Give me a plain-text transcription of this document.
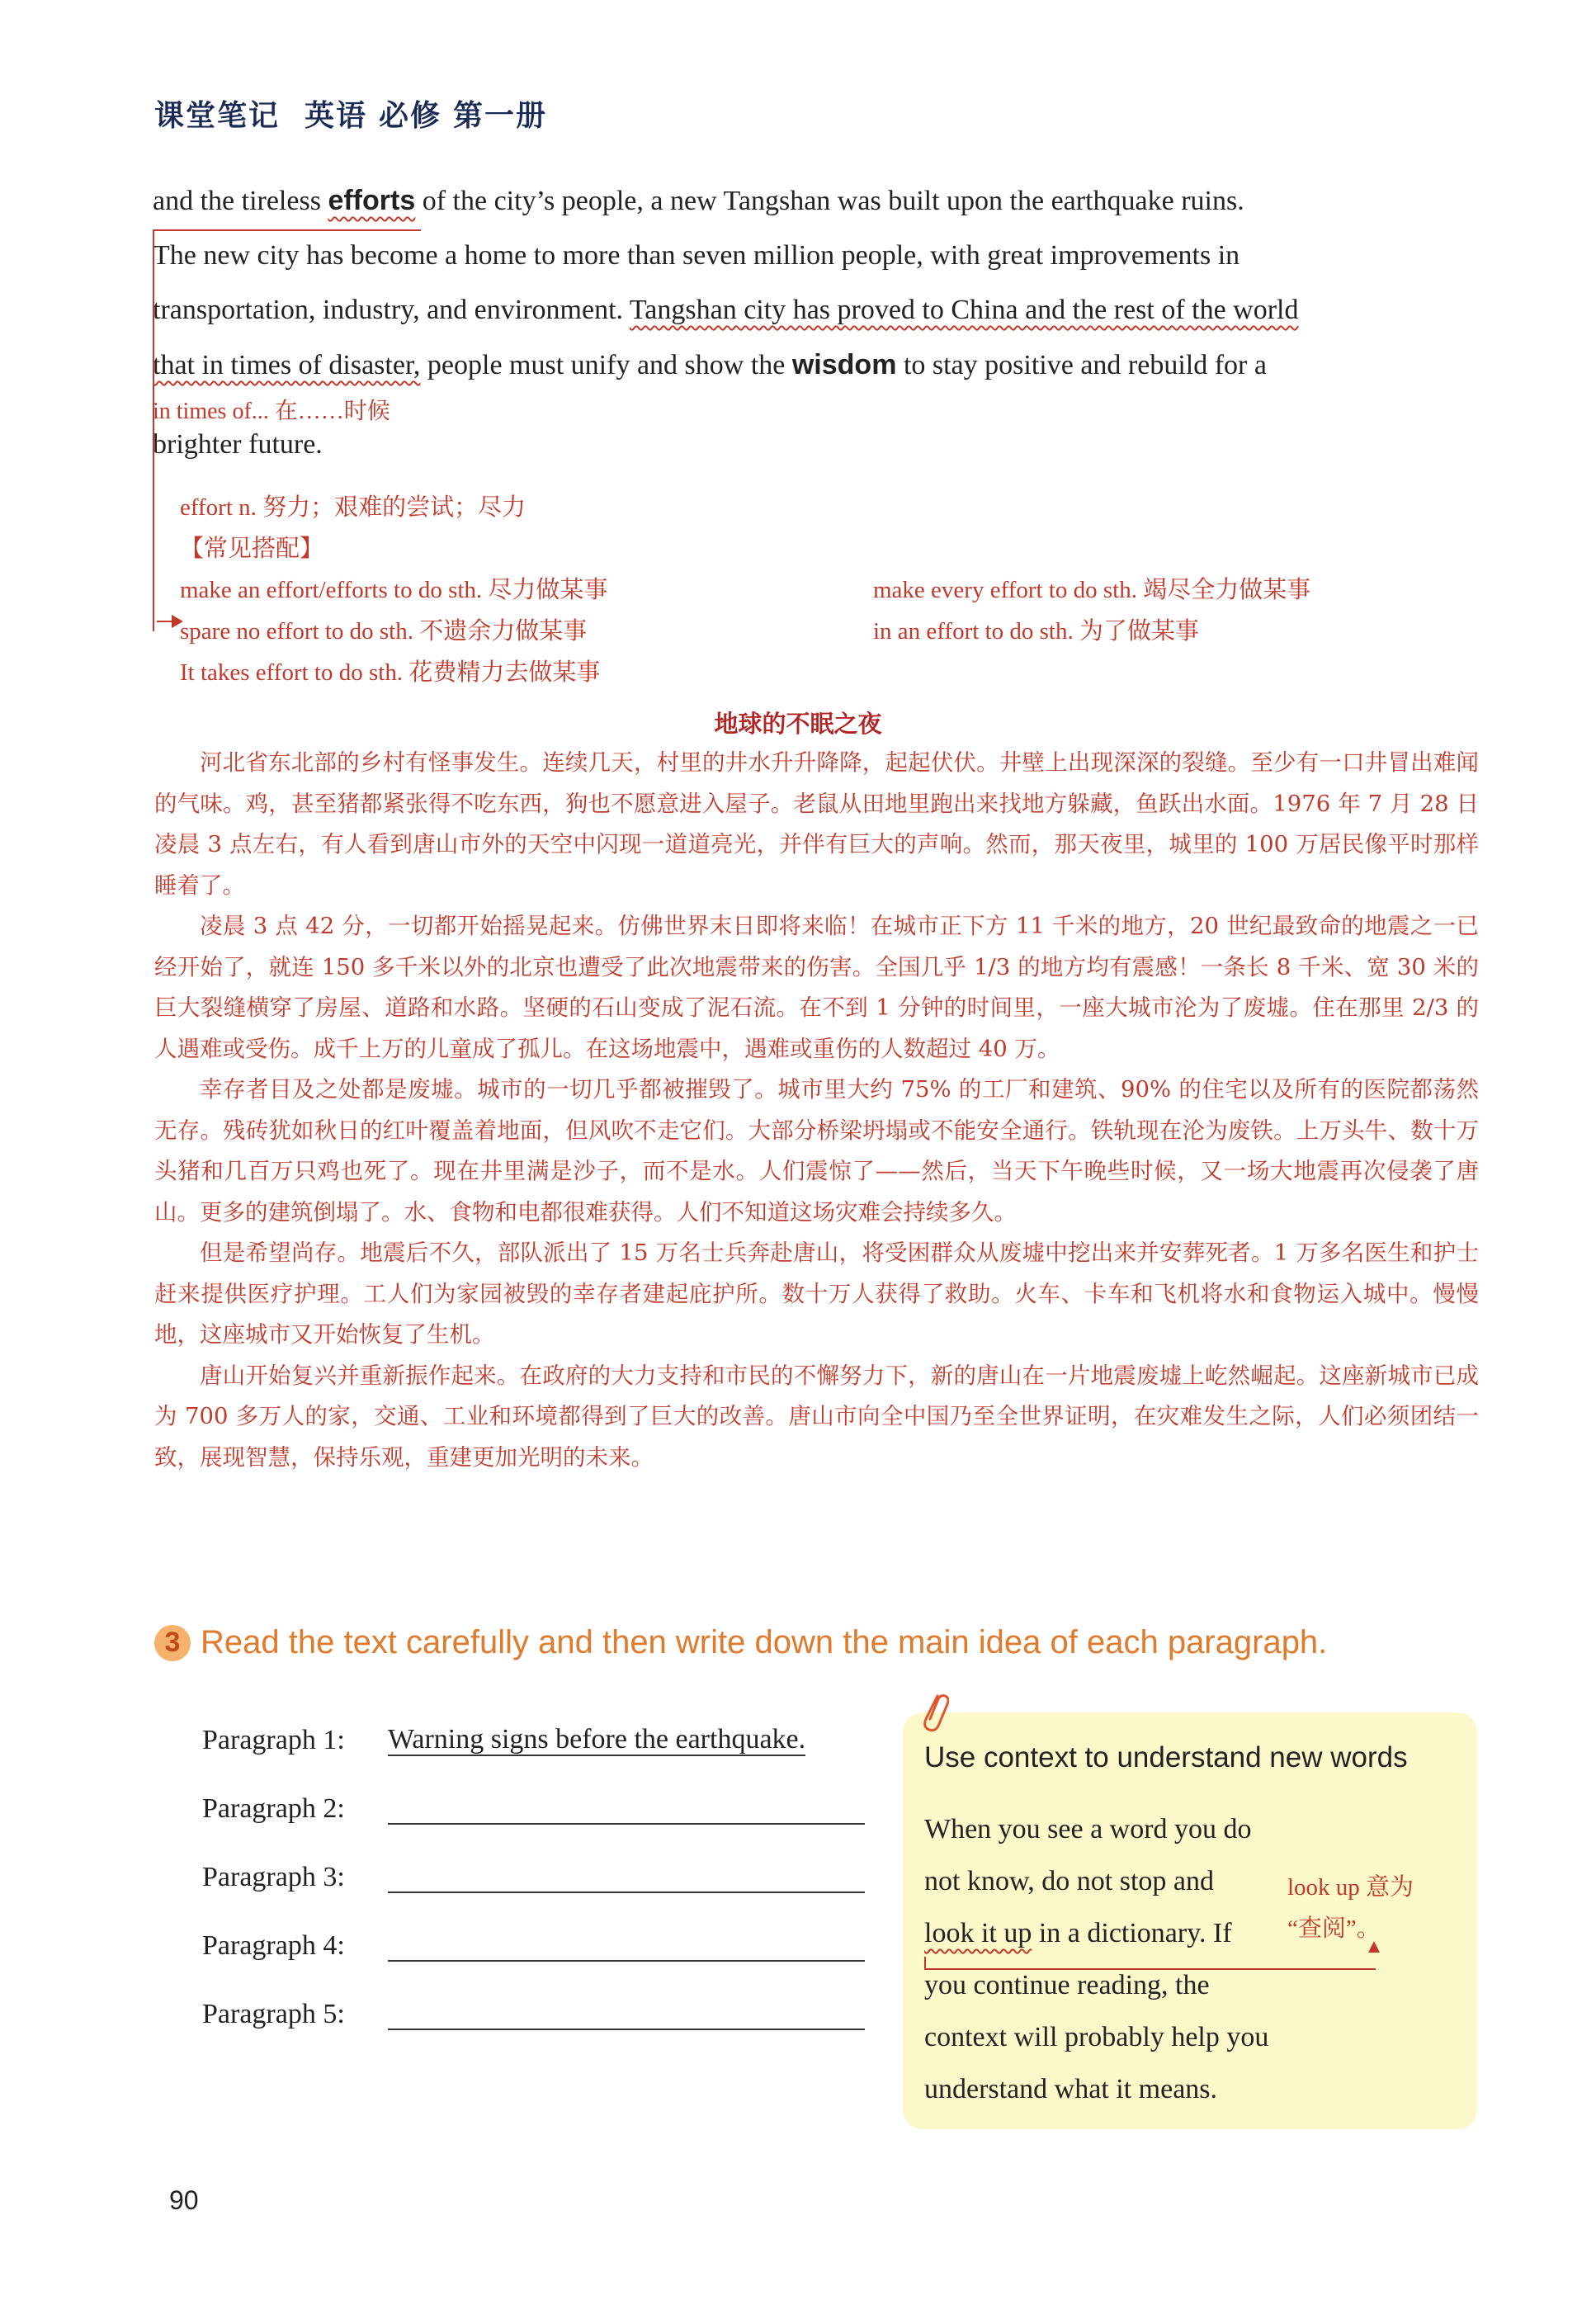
课堂笔记 英语 必修 第一册
and the tireless efforts of the city’s people, a new Tangshan was built upon the earthquake ruins.
The new city has become a home to more than seven million people, with great improvements in
transportation, industry, and environment. Tangshan city has proved to China and the rest of the world
that in times of disaster, people must unify and show the wisdom to stay positive and rebuild for a
in times of... 在……时候
brighter future.
effort n. 努力；艰难的尝试；尽力
【常见搭配】
make an effort/efforts to do sth. 尽力做某事	make every effort to do sth. 竭尽全力做某事
spare no effort to do sth. 不遗余力做某事	in an effort to do sth. 为了做某事
It takes effort to do sth. 花费精力去做某事
地球的不眠之夜

河北省东北部的乡村有怪事发生。连续几天，村里的井水升升降降，起起伏伏。井壁上出现深深的裂缝。至少有一口井冒出难闻的气味。鸡，甚至猪都紧张得不吃东西，狗也不愿意进入屋子。老鼠从田地里跑出来找地方躲藏，鱼跃出水面。1976 年 7 月 28 日凌晨 3 点左右，有人看到唐山市外的天空中闪现一道道亮光，并伴有巨大的声响。然而，那天夜里，城里的 100 万居民像平时那样睡着了。

凌晨 3 点 42 分，一切都开始摇晃起来。仿佛世界末日即将来临！在城市正下方 11 千米的地方，20 世纪最致命的地震之一已经开始了，就连 150 多千米以外的北京也遭受了此次地震带来的伤害。全国几乎 1/3 的地方均有震感！一条长 8 千米、宽 30 米的巨大裂缝横穿了房屋、道路和水路。坚硬的石山变成了泥石流。在不到 1 分钟的时间里，一座大城市沦为了废墟。住在那里 2/3 的人遇难或受伤。成千上万的儿童成了孤儿。在这场地震中，遇难或重伤的人数超过 40 万。

幸存者目及之处都是废墟。城市的一切几乎都被摧毁了。城市里大约 75% 的工厂和建筑、90% 的住宅以及所有的医院都荡然无存。残砖犹如秋日的红叶覆盖着地面，但风吹不走它们。大部分桥梁坍塌或不能安全通行。铁轨现在沦为废铁。上万头牛、数十万头猪和几百万只鸡也死了。现在井里满是沙子，而不是水。人们震惊了——然后，当天下午晚些时候，又一场大地震再次侵袭了唐山。更多的建筑倒塌了。水、食物和电都很难获得。人们不知道这场灾难会持续多久。

但是希望尚存。地震后不久，部队派出了 15 万名士兵奔赴唐山，将受困群众从废墟中挖出来并安葬死者。1 万多名医生和护士赶来提供医疗护理。工人们为家园被毁的幸存者建起庇护所。数十万人获得了救助。火车、卡车和飞机将水和食物运入城中。慢慢地，这座城市又开始恢复了生机。

唐山开始复兴并重新振作起来。在政府的大力支持和市民的不懈努力下，新的唐山在一片地震废墟上屹然崛起。这座新城市已成为 700 多万人的家，交通、工业和环境都得到了巨大的改善。唐山市向全中国乃至全世界证明，在灾难发生之际，人们必须团结一致，展现智慧，保持乐观，重建更加光明的未来。

3 Read the text carefully and then write down the main idea of each paragraph.
Paragraph 1:	Warning signs before the earthquake.
Paragraph 2:
Paragraph 3:
Paragraph 4:
Paragraph 5:
Use context to understand new words
When you see a word you do
not know, do not stop and
look it up in a dictionary. If
you continue reading, the
context will probably help you
understand what it means.
look up 意为
“查阅”。
90
